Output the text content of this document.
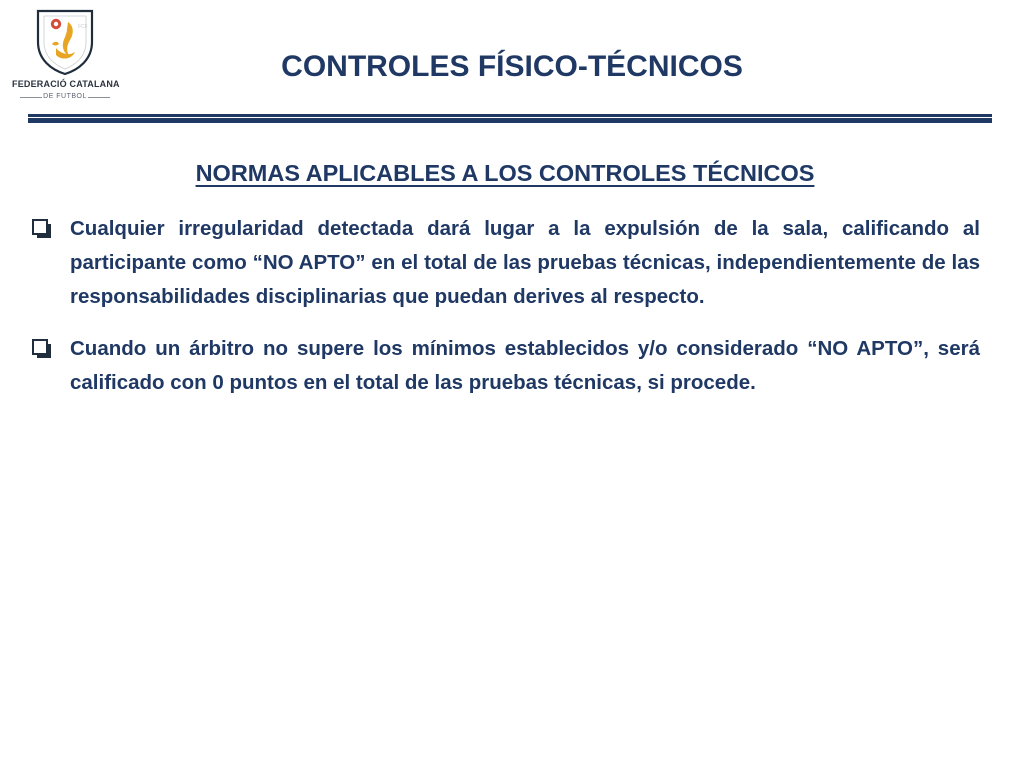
FCF
FEDERACIÓ CATALANA
DE FUTBOL
CONTROLES FÍSICO-TÉCNICOS
NORMAS APLICABLES A LOS CONTROLES TÉCNICOS
Cualquier irregularidad detectada dará lugar a la expulsión de la sala, calificando al participante como “NO APTO” en el total de las pruebas técnicas, independientemente de las responsabilidades disciplinarias que puedan derives al respecto.
Cuando un árbitro no supere los mínimos establecidos y/o considerado “NO APTO”, será calificado con 0 puntos en el total de las pruebas técnicas, si procede.
